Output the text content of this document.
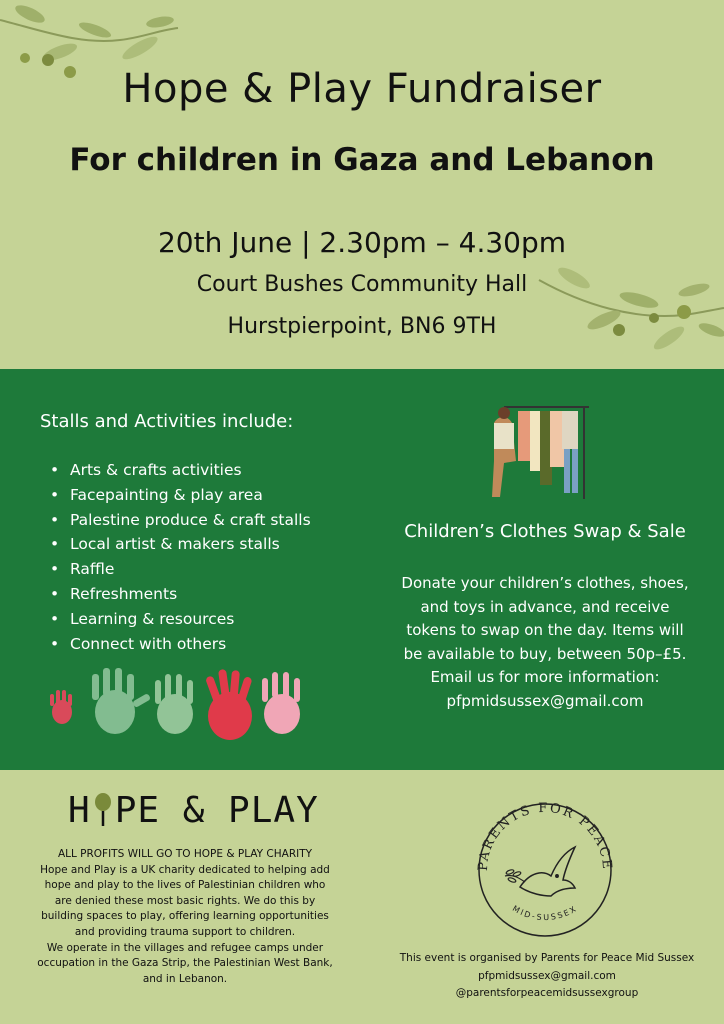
Hope & Play Fundraiser
For children in Gaza and Lebanon
20th June | 2.30pm – 4.30pm
Court Bushes Community Hall
Hurstpierpoint, BN6 9TH
Stalls and Activities include:
• Arts & crafts activities
• Facepainting & play area
• Palestine produce & craft stalls
• Local artist & makers stalls
• Raffle
• Refreshments
• Learning & resources
• Connect with others
Children’s Clothes Swap & Sale
Donate your children’s clothes, shoes,
and toys in advance, and receive
tokens to swap on the day. Items will
be available to buy, between 50p–£5.
Email us for more information:
pfpmidsussex@gmail.com
H PE & PLAY
ALL PROFITS WILL GO TO HOPE & PLAY CHARITY
Hope and Play is a UK charity dedicated to helping add
hope and play to the lives of Palestinian children who
are denied these most basic rights. We do this by
building spaces to play, offering learning opportunities
and providing trauma support to children.
We operate in the villages and refugee camps under
occupation in the Gaza Strip, the Palestinian West Bank,
and in Lebanon.
PARENTS FOR PEACE
MID-SUSSEX
This event is organised by Parents for Peace Mid Sussex
pfpmidsussex@gmail.com
@parentsforpeacemidsussexgroup
